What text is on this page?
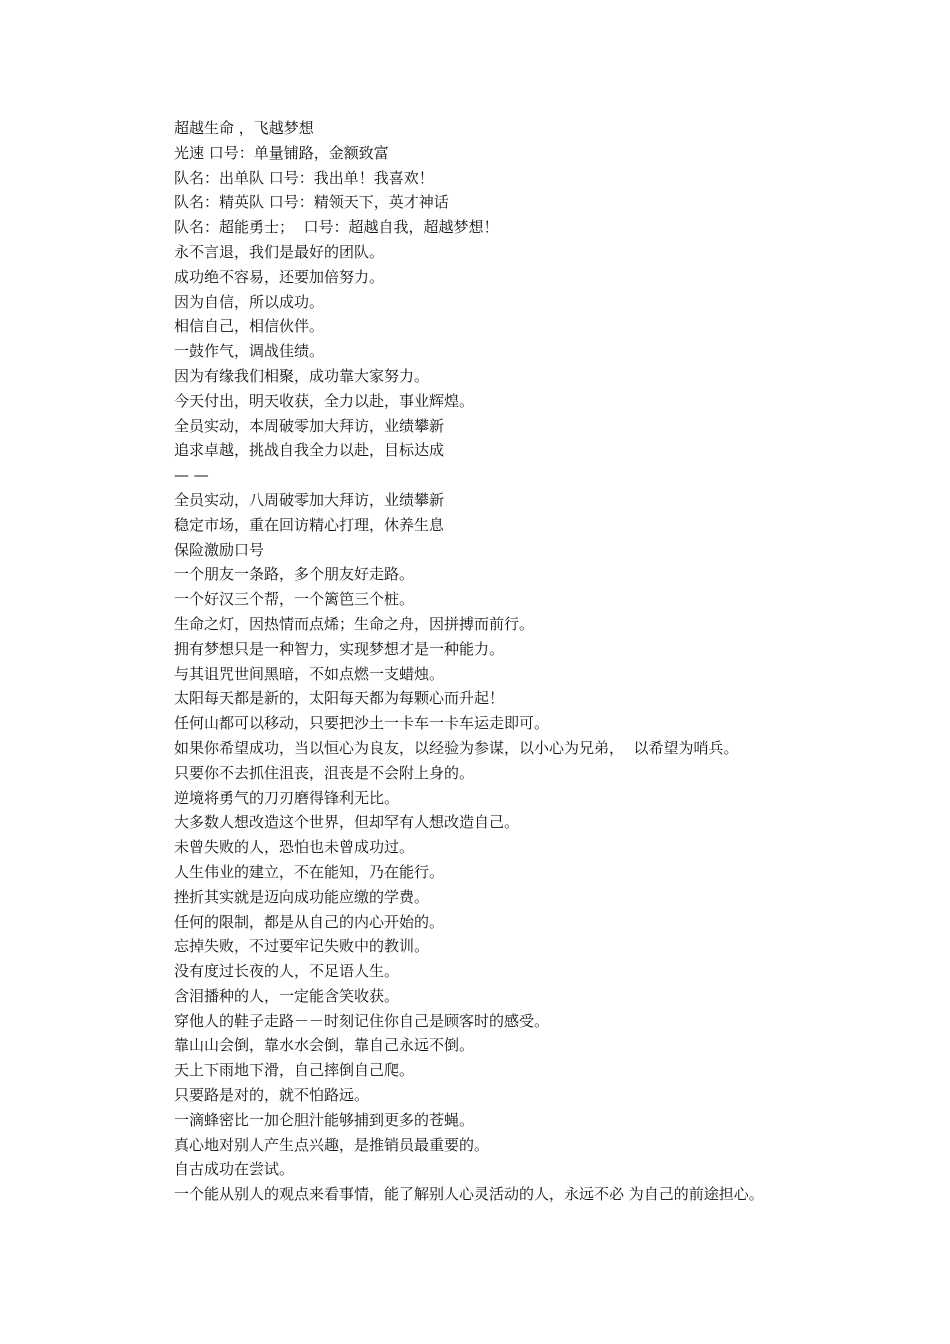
超越生命 ，飞越梦想
光速 口号：单量铺路，金额致富
队名：出单队 口号：我出单！我喜欢！
队名：精英队 口号：精领天下，英才神话
队名：超能勇士；  口号：超越自我，超越梦想！
永不言退，我们是最好的团队。
成功绝不容易，还要加倍努力。
因为自信，所以成功。
相信自己，相信伙伴。
一鼓作气，调战佳绩。
因为有缘我们相聚，成功靠大家努力。
今天付出，明天收获，全力以赴，事业辉煌。
全员实动，本周破零加大拜访，业绩攀新
追求卓越，挑战自我全力以赴，目标达成
— —
全员实动，八周破零加大拜访，业绩攀新
稳定市场，重在回访精心打理，休养生息
保险激励口号
一个朋友一条路，多个朋友好走路。
一个好汉三个帮，一个篱笆三个桩。
生命之灯，因热情而点烯；生命之舟，因拼搏而前行。
拥有梦想只是一种智力，实现梦想才是一种能力。
与其诅咒世间黑暗，不如点燃一支蜡烛。
太阳每天都是新的，太阳每天都为每颗心而升起！
任何山都可以移动，只要把沙土一卡车一卡车运走即可。
如果你希望成功，当以恒心为良友，以经验为参谋，以小心为兄弟，  以希望为哨兵。
只要你不去抓住沮丧，沮丧是不会附上身的。
逆境将勇气的刀刃磨得锋利无比。
大多数人想改造这个世界，但却罕有人想改造自己。
未曾失败的人，恐怕也未曾成功过。
人生伟业的建立，不在能知，乃在能行。
挫折其实就是迈向成功能应缴的学费。
任何的限制，都是从自己的内心开始的。
忘掉失败，不过要牢记失败中的教训。
没有度过长夜的人，不足语人生。
含泪播种的人，一定能含笑收获。
穿他人的鞋子走路－－时刻记住你自己是顾客时的感受。
靠山山会倒，靠水水会倒，靠自己永远不倒。
天上下雨地下滑，自己摔倒自己爬。
只要路是对的，就不怕路远。
一滴蜂密比一加仑胆汁能够捕到更多的苍蝇。
真心地对别人产生点兴趣，是推销员最重要的。
自古成功在尝试。
一个能从别人的观点来看事情，能了解别人心灵活动的人，永远不必 为自己的前途担心。
